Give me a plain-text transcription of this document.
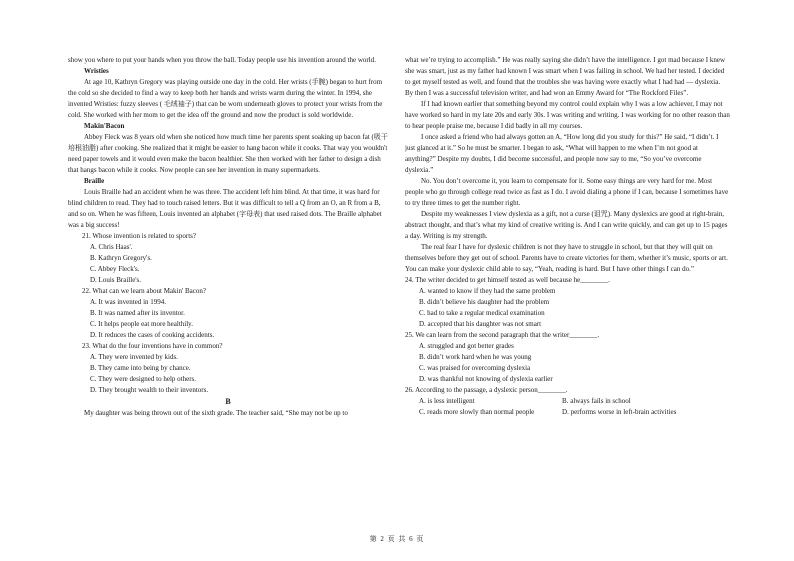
show you where to put your hands when you throw the ball. Today people use his invention around the world.

Wristies

At age 10, Kathryn Gregory was playing outside one day in the cold. Her wrists (手腕) began to hurt from the cold so she decided to find a way to keep both her hands and wrists warm during the winter. In 1994, she invented Wristies: fuzzy sleeves ( 毛绒袖子) that can be worn underneath gloves to protect your wrists from the cold. She worked with her mom to get the idea off the ground and now the product is sold worldwide.

Makin'Bacon

Abbey Fleck was 8 years old when she noticed how much time her parents spent soaking up bacon fat (吸干培根油脂) after cooking. She realized that it might be easier to hang bacon while it cooks. That way you wouldn't need paper towels and it would even make the bacon healthier. She then worked with her father to design a dish that hangs bacon while it cooks. Now people can see her invention in many supermarkets.

Braille

Louis Braille had an accident when he was three. The accident left him blind. At that time, it was hard for blind children to read. They had to touch raised letters. But it was difficult to tell a Q from an O, an R from a B, and so on. When he was fifteen, Louis invented an alphabet (字母表) that used raised dots. The Braille alphabet was a big success!

21. Whose invention is related to sports?

A. Chris Haas'.

B. Kathryn Gregory's.

C. Abbey Fleck's.

D. Louis Braille's.

22. What can we learn about Makin' Bacon?

A. It was invented in 1994.

B. It was named after its inventor.

C. It helps people eat more healthily.

D. It reduces the cases of cooking accidents.

23. What do the four inventions have in common?

A. They were invented by kids.

B. They came into being by chance.

C. They were designed to help others.

D. They brought wealth to their inventors.

B

My daughter was being thrown out of the sixth grade. The teacher said, “She may not be up to

what we’re trying to accomplish.” He was really saying she didn’t have the intelligence. I got mad because I knew she was smart, just as my father had known I was smart when I was failing in school. We had her tested. I decided to get myself tested as well, and found that the troubles she was having were exactly what I had had — dyslexia. By then I was a successful television writer, and had won an Emmy Award for “The Rockford Files”.

If I had known earlier that something beyond my control could explain why I was a low achiever, I may not have worked so hard in my late 20s and early 30s. I was writing and writing. I was working for no other reason than to hear people praise me, because I did badly in all my courses.

I once asked a friend who had always gotten an A, “How long did you study for this?” He said, “I didn’t. I just glanced at it.” So he must be smarter. I began to ask, “What will happen to me when I’m not good at anything?” Despite my doubts, I did become successful, and people now say to me, “So you’ve overcome dyslexia.”

No. You don’t overcome it, you learn to compensate for it. Some easy things are very hard for me. Most people who go through college read twice as fast as I do. I avoid dialing a phone if I can, because I sometimes have to try three times to get the number right.

Despite my weaknesses I view dyslexia as a gift, not a curse (诅咒). Many dyslexics are good at right-brain, abstract thought, and that’s what my kind of creative writing is. And I can write quickly, and can get up to 15 pages a day. Writing is my strength.

The real fear I have for dyslexic children is not they have to struggle in school, but that they will quit on themselves before they get out of school. Parents have to create victories for them, whether it’s music, sports or art. You can make your dyslexic child able to say, “Yeah, reading is hard. But I have other things I can do.”

24. The writer decided to get himself tested as well because he________.

A. wanted to know if they had the same problem

B. didn’t believe his daughter had the problem

C. had to take a regular medical examination

D. accepted that his daughter was not smart

25. We can learn from the second paragraph that the writer________.

A. struggled and got better grades

B. didn’t work hard when he was young

C. was praised for overcoming dyslexia

D. was thankful not knowing of dyslexia earlier

26. According to the passage, a dyslexic person________.

A. is less intelligent	B. always fails in school

C. reads more slowly than normal people	D. performs worse in left-brain activities

第 2 页 共 6 页
